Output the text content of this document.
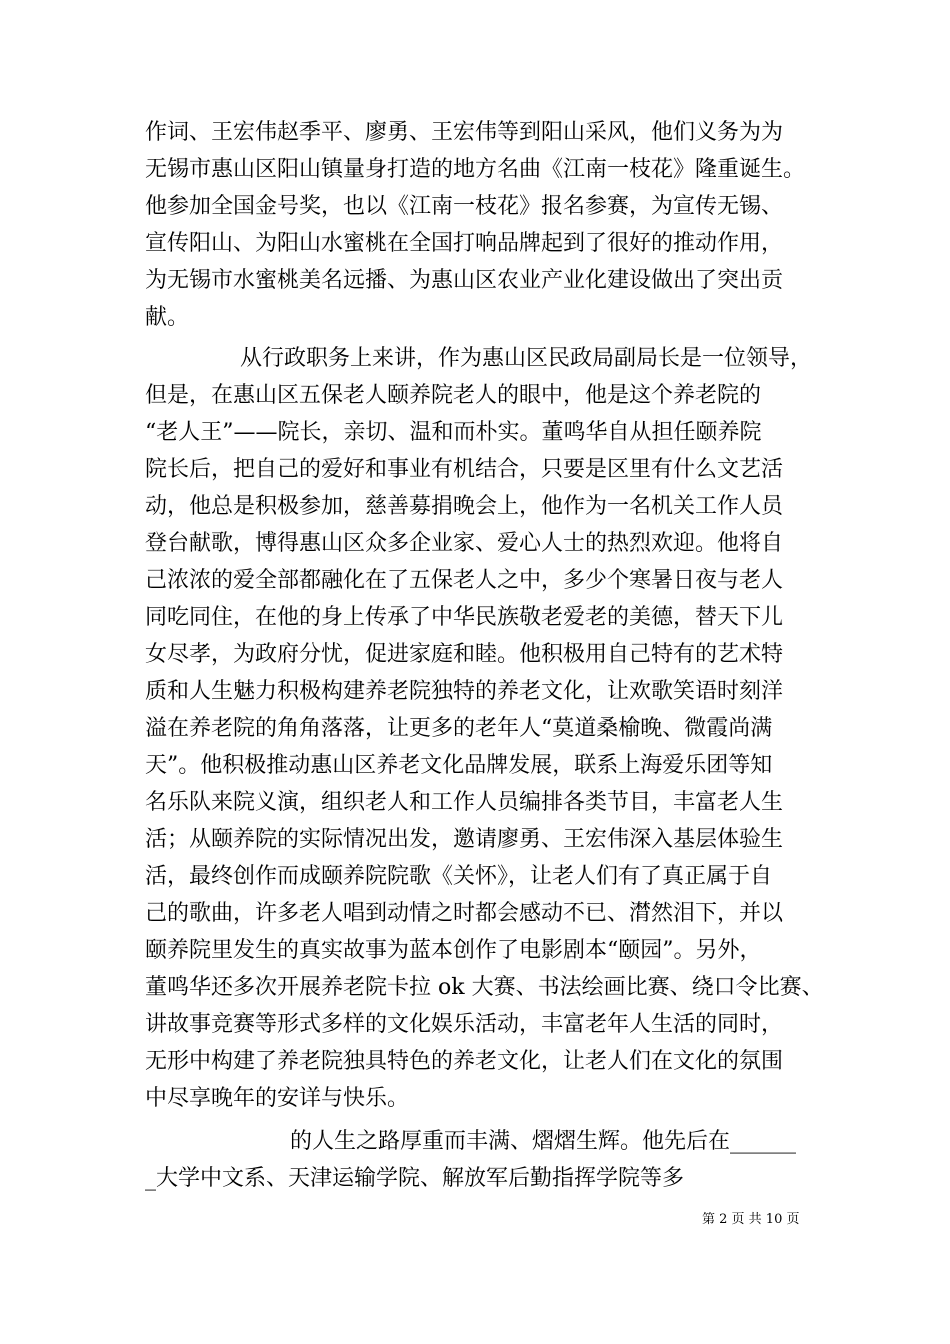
作词、王宏伟赵季平、廖勇、王宏伟等到阳山采风，他们义务为为
无锡市惠山区阳山镇量身打造的地方名曲《江南一枝花》隆重诞生。
他参加全国金号奖，也以《江南一枝花》报名参赛，为宣传无锡、
宣传阳山、为阳山水蜜桃在全国打响品牌起到了很好的推动作用，
为无锡市水蜜桃美名远播、为惠山区农业产业化建设做出了突出贡
献。
从行政职务上来讲，作为惠山区民政局副局长是一位领导，
但是，在惠山区五保老人颐养院老人的眼中，他是这个养老院的
“老人王”——院长，亲切、温和而朴实。董鸣华自从担任颐养院
院长后，把自己的爱好和事业有机结合，只要是区里有什么文艺活
动，他总是积极参加，慈善募捐晚会上，他作为一名机关工作人员
登台献歌，博得惠山区众多企业家、爱心人士的热烈欢迎。他将自
己浓浓的爱全部都融化在了五保老人之中，多少个寒暑日夜与老人
同吃同住，在他的身上传承了中华民族敬老爱老的美德，替天下儿
女尽孝，为政府分忧，促进家庭和睦。他积极用自己特有的艺术特
质和人生魅力积极构建养老院独特的养老文化，让欢歌笑语时刻洋
溢在养老院的角角落落，让更多的老年人“莫道桑榆晚、微霞尚满
天”。他积极推动惠山区养老文化品牌发展，联系上海爱乐团等知
名乐队来院义演，组织老人和工作人员编排各类节目，丰富老人生
活；从颐养院的实际情况出发，邀请廖勇、王宏伟深入基层体验生
活，最终创作而成颐养院院歌《关怀》，让老人们有了真正属于自
己的歌曲，许多老人唱到动情之时都会感动不已、潸然泪下，并以
颐养院里发生的真实故事为蓝本创作了电影剧本“颐园”。另外，
董鸣华还多次开展养老院卡拉 ok 大赛、书法绘画比赛、绕口令比赛、
讲故事竞赛等形式多样的文化娱乐活动，丰富老年人生活的同时，
无形中构建了养老院独具特色的养老文化，让老人们在文化的氛围
中尽享晚年的安详与快乐。
的人生之路厚重而丰满、熠熠生辉。他先后在______
_大学中文系、天津运输学院、解放军后勤指挥学院等多
第 2 页 共 10 页
